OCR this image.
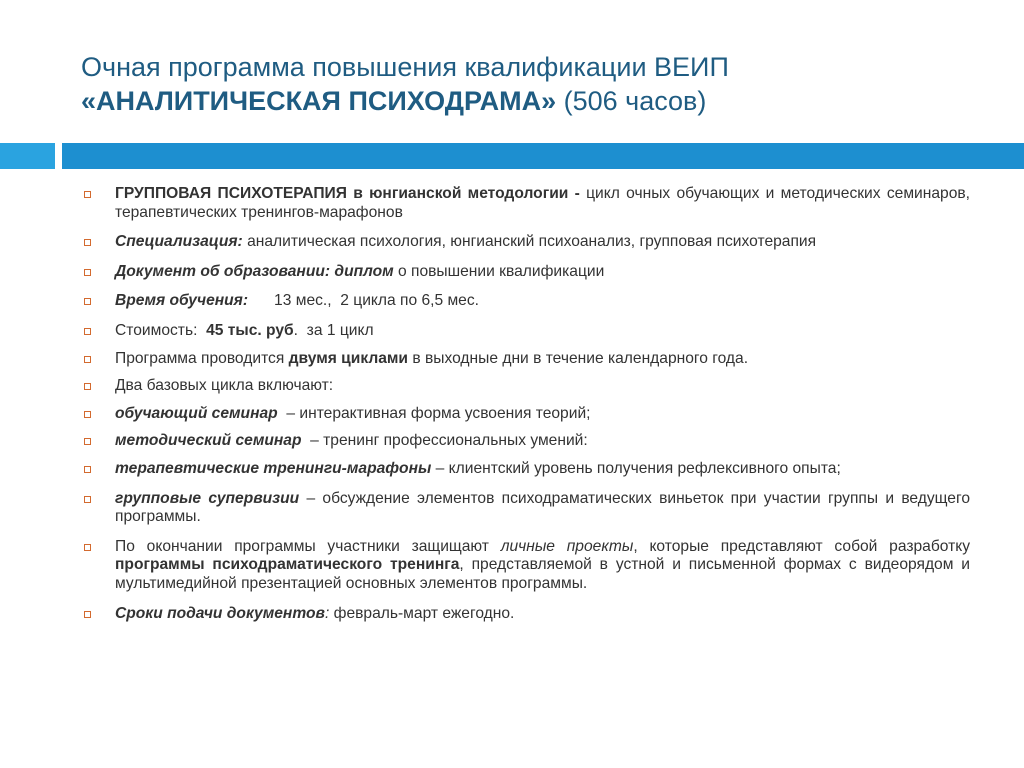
Очная программа повышения квалификации ВЕИП
«АНАЛИТИЧЕСКАЯ ПСИХОДРАМА» (506 часов)
ГРУППОВАЯ ПСИХОТЕРАПИЯ в юнгианской методологии - цикл очных обучающих и методических семинаров, терапевтических тренингов-марафонов
Специализация: аналитическая психология, юнгианский психоанализ, групповая психотерапия
Документ об образовании: диплом о повышении квалификации
Время обучения:      13 мес.,  2 цикла по 6,5 мес.
Стоимость:  45 тыс. руб.  за 1 цикл
Программа проводится двумя циклами в выходные дни в течение календарного года.
Два базовых цикла включают:
обучающий семинар  – интерактивная форма усвоения теорий;
методический семинар  – тренинг профессиональных умений:
терапевтические тренинги-марафоны – клиентский уровень получения рефлексивного опыта;
групповые супервизии – обсуждение элементов психодраматических виньеток при участии группы и ведущего программы.
По окончании программы участники защищают личные проекты, которые представляют собой разработку программы психодраматического тренинга, представляемой в устной и письменной формах с видеорядом и мультимедийной презентацией основных элементов программы.
Сроки подачи документов: февраль-март ежегодно.
